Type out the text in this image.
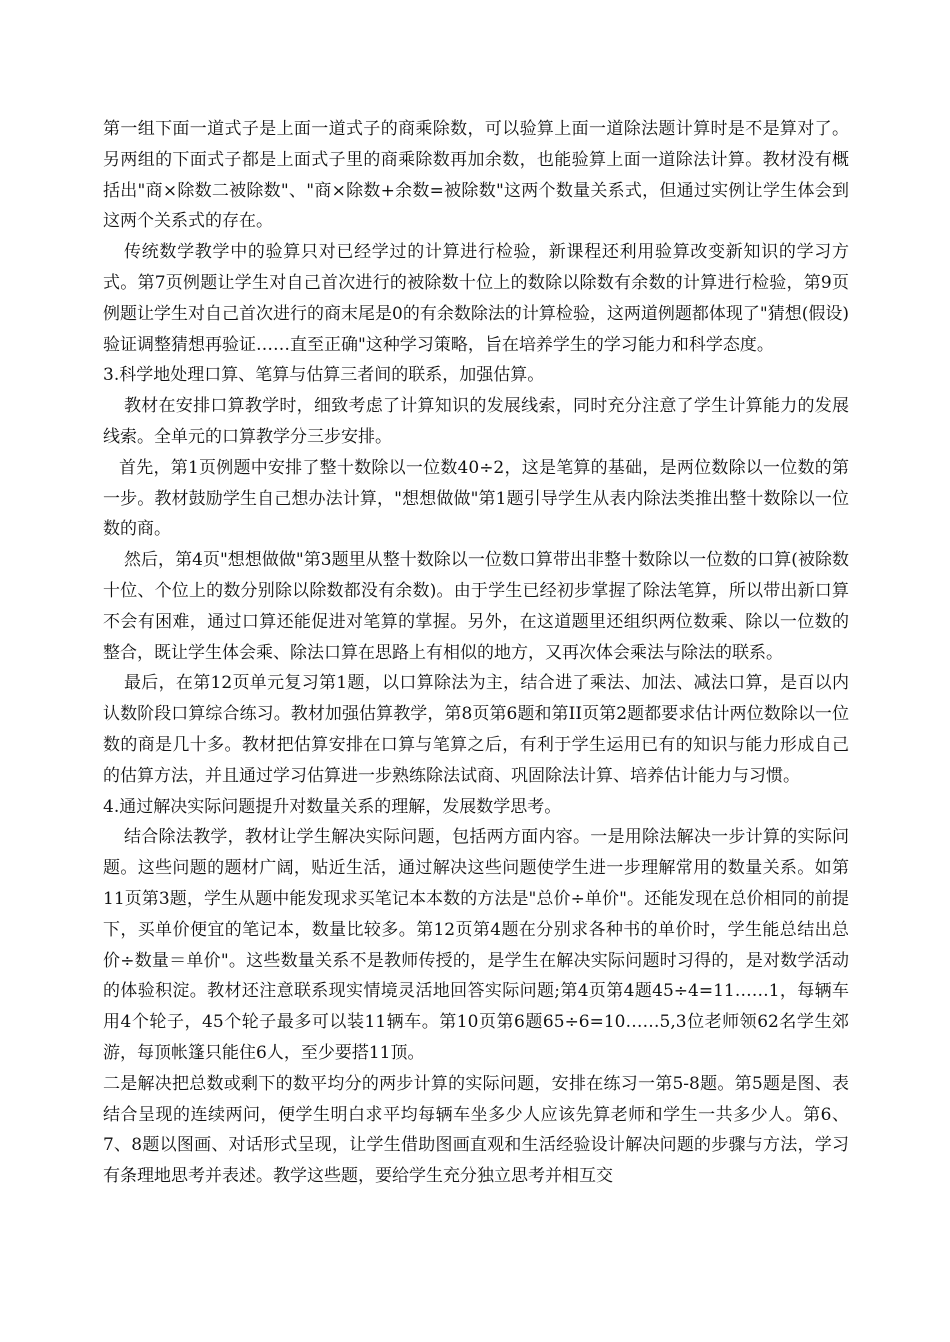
第一组下面一道式子是上面一道式子的商乘除数，可以验算上面一道除法题计算时是不是算对了。另两组的下面式子都是上面式子里的商乘除数再加余数，也能验算上面一道除法计算。教材没有概括出"商×除数二被除数"、"商×除数+余数=被除数"这两个数量关系式，但通过实例让学生体会到这两个关系式的存在。

传统数学教学中的验算只对已经学过的计算进行检验，新课程还利用验算改变新知识的学习方式。第7页例题让学生对自己首次进行的被除数十位上的数除以除数有余数的计算进行检验，第9页例题让学生对自己首次进行的商末尾是0的有余数除法的计算检验，这两道例题都体现了"猜想(假设)验证调整猜想再验证……直至正确"这种学习策略，旨在培养学生的学习能力和科学态度。

3.科学地处理口算、笔算与估算三者间的联系，加强估算。

教材在安排口算教学时，细致考虑了计算知识的发展线索，同时充分注意了学生计算能力的发展线索。全单元的口算教学分三步安排。

首先，第1页例题中安排了整十数除以一位数40÷2，这是笔算的基础，是两位数除以一位数的第一步。教材鼓励学生自己想办法计算，"想想做做"第1题引导学生从表内除法类推出整十数除以一位数的商。

然后，第4页"想想做做"第3题里从整十数除以一位数口算带出非整十数除以一位数的口算(被除数十位、个位上的数分别除以除数都没有余数)。由于学生已经初步掌握了除法笔算，所以带出新口算不会有困难，通过口算还能促进对笔算的掌握。另外，在这道题里还组织两位数乘、除以一位数的整合，既让学生体会乘、除法口算在思路上有相似的地方，又再次体会乘法与除法的联系。

最后，在第12页单元复习第1题，以口算除法为主，结合进了乘法、加法、减法口算，是百以内认数阶段口算综合练习。教材加强估算教学，第8页第6题和第II页第2题都要求估计两位数除以一位数的商是几十多。教材把估算安排在口算与笔算之后，有利于学生运用已有的知识与能力形成自己的估算方法，并且通过学习估算进一步熟练除法试商、巩固除法计算、培养估计能力与习惯。

4.通过解决实际问题提升对数量关系的理解，发展数学思考。

结合除法教学，教材让学生解决实际问题，包括两方面内容。一是用除法解决一步计算的实际问题。这些问题的题材广阔，贴近生活，通过解决这些问题使学生进一步理解常用的数量关系。如第11页第3题，学生从题中能发现求买笔记本本数的方法是"总价÷单价"。还能发现在总价相同的前提下，买单价便宜的笔记本，数量比较多。第12页第4题在分别求各种书的单价时，学生能总结出总价÷数量＝单价"。这些数量关系不是教师传授的，是学生在解决实际问题时习得的，是对数学活动的体验积淀。教材还注意联系现实情境灵活地回答实际问题;第4页第4题45÷4=11……1，每辆车用4个轮子，45个轮子最多可以装11辆车。第10页第6题65÷6=10……5,3位老师领62名学生郊游，每顶帐篷只能住6人，至少要搭11顶。

二是解决把总数或剩下的数平均分的两步计算的实际问题，安排在练习一第5-8题。第5题是图、表结合呈现的连续两问，便学生明白求平均每辆车坐多少人应该先算老师和学生一共多少人。第6、7、8题以图画、对话形式呈现，让学生借助图画直观和生活经验设计解决问题的步骤与方法，学习有条理地思考并表述。教学这些题，要给学生充分独立思考并相互交
